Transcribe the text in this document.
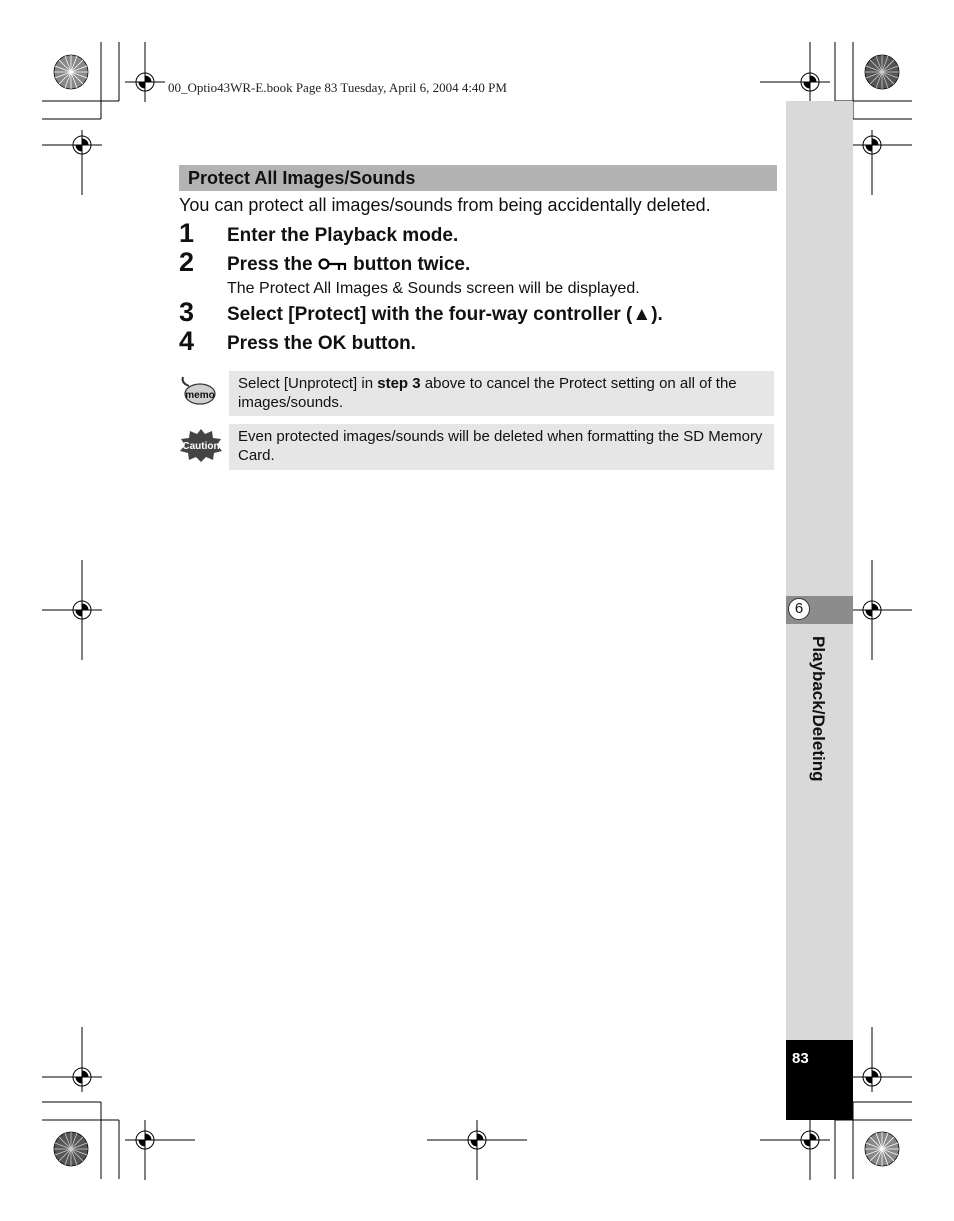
00_Optio43WR-E.book Page 83 Tuesday, April 6, 2004 4:40 PM
6
Playback/Deleting
83
Protect All Images/Sounds
You can protect all images/sounds from being accidentally deleted.
1 Enter the Playback mode.
2 Press the button twice.
The Protect All Images & Sounds screen will be displayed.
3 Select [Protect] with the four-way controller (▲).
4 Press the OK button.
memo
Select [Unprotect] in step 3 above to cancel the Protect setting on all of the images/sounds.
Caution
Even protected images/sounds will be deleted when formatting the SD Memory Card.
